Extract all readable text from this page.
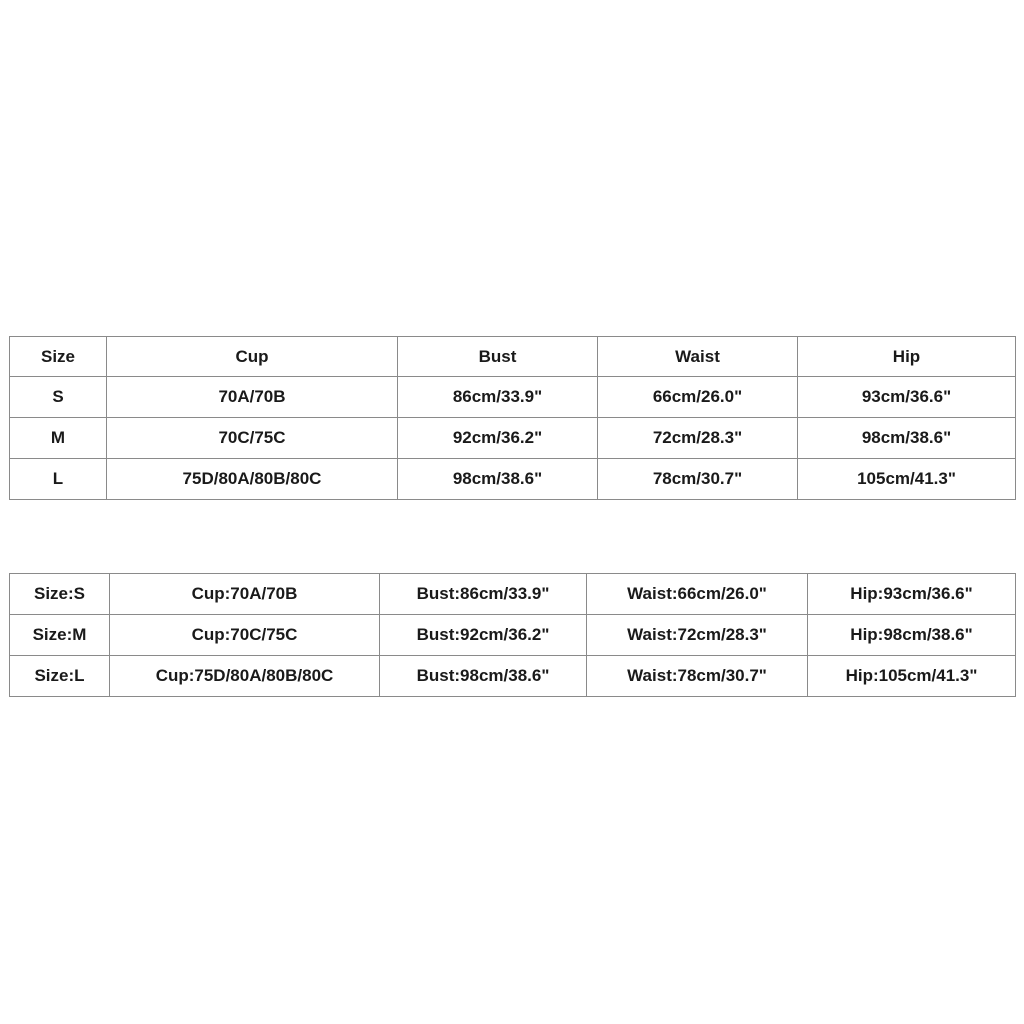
Size	Cup	Bust	Waist	Hip
S	70A/70B	86cm/33.9"	66cm/26.0"	93cm/36.6"
M	70C/75C	92cm/36.2"	72cm/28.3"	98cm/38.6"
L	75D/80A/80B/80C	98cm/38.6"	78cm/30.7"	105cm/41.3"
Size:S	Cup:70A/70B	Bust:86cm/33.9"	Waist:66cm/26.0"	Hip:93cm/36.6"
Size:M	Cup:70C/75C	Bust:92cm/36.2"	Waist:72cm/28.3"	Hip:98cm/38.6"
Size:L	Cup:75D/80A/80B/80C	Bust:98cm/38.6"	Waist:78cm/30.7"	Hip:105cm/41.3"
